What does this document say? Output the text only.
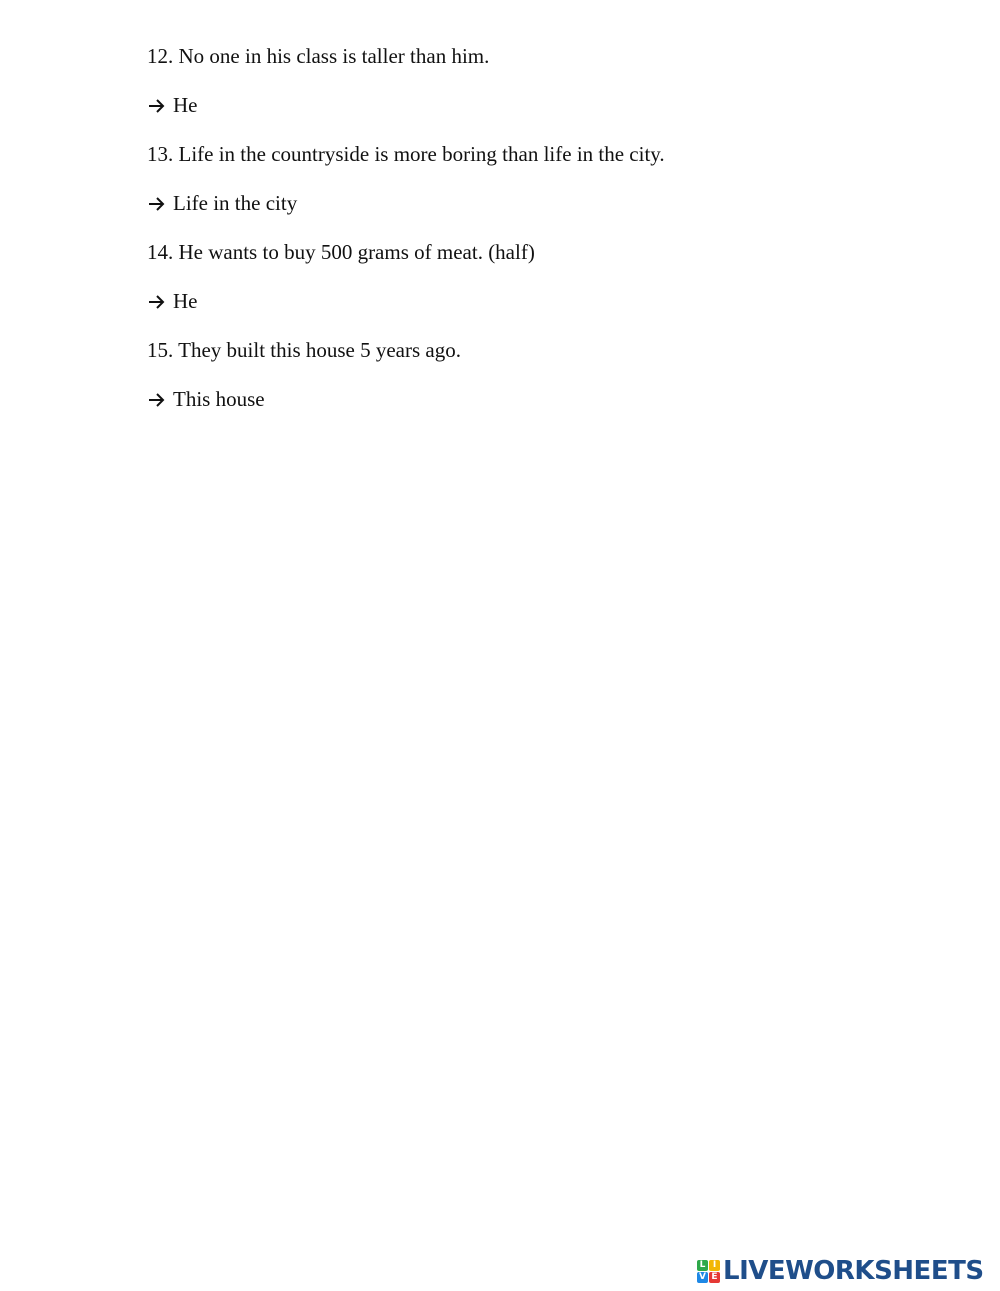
12. No one in his class is taller than him.
He
13. Life in the countryside is more boring than life in the city.
Life in the city
14. He wants to buy 500 grams of meat. (half)
He
15. They built this house 5 years ago.
This house
L I
V E LIVEWORKSHEETS
